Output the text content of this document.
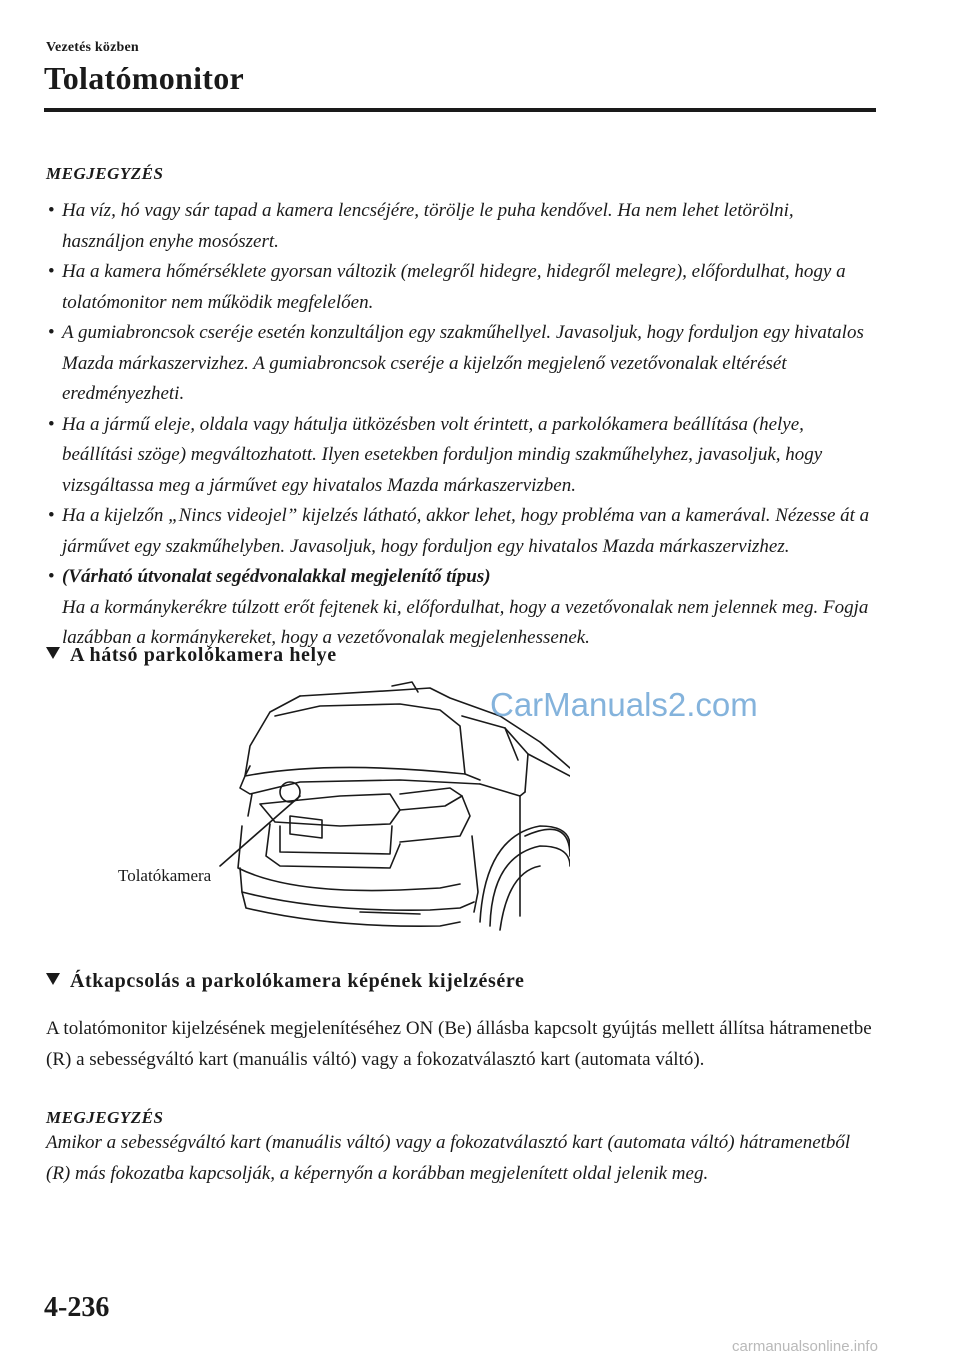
Vezetés közben
Tolatómonitor
MEGJEGYZÉS
• Ha víz, hó vagy sár tapad a kamera lencséjére, törölje le puha kendővel. Ha nem lehet letörölni, használjon enyhe mosószert.
• Ha a kamera hőmérséklete gyorsan változik (melegről hidegre, hidegről melegre), előfordulhat, hogy a tolatómonitor nem működik megfelelően.
• A gumiabroncsok cseréje esetén konzultáljon egy szakműhellyel. Javasoljuk, hogy forduljon egy hivatalos Mazda márkaszervizhez. A gumiabroncsok cseréje a kijelzőn megjelenő vezetővonalak eltérését eredményezheti.
• Ha a jármű eleje, oldala vagy hátulja ütközésben volt érintett, a parkolókamera beállítása (helye, beállítási szöge) megváltozhatott. Ilyen esetekben forduljon mindig szakműhelyhez, javasoljuk, hogy vizsgáltassa meg a járművet egy hivatalos Mazda márkaszervizben.
• Ha a kijelzőn „Nincs videojel” kijelzés látható, akkor lehet, hogy probléma van a kamerával. Nézesse át a járművet egy szakműhelyben. Javasoljuk, hogy forduljon egy hivatalos Mazda márkaszervizhez.
• (Várható útvonalat segédvonalakkal megjelenítő típus)
Ha a kormánykerékre túlzott erőt fejtenek ki, előfordulhat, hogy a vezetővonalak nem jelennek meg. Fogja lazábban a kormánykereket, hogy a vezetővonalak megjelenhessenek.
A hátsó parkolókamera helye
CarManuals2.com
Tolatókamera
Átkapcsolás a parkolókamera képének kijelzésére

A tolatómonitor kijelzésének megjelenítéséhez ON (Be) állásba kapcsolt gyújtás mellett állítsa hátramenetbe (R) a sebességváltó kart (manuális váltó) vagy a fokozatválasztó kart (automata váltó).

MEGJEGYZÉS

Amikor a sebességváltó kart (manuális váltó) vagy a fokozatválasztó kart (automata váltó) hátramenetből (R) más fokozatba kapcsolják, a képernyőn a korábban megjelenített oldal jelenik meg.

4-236
carmanualsonline.info
